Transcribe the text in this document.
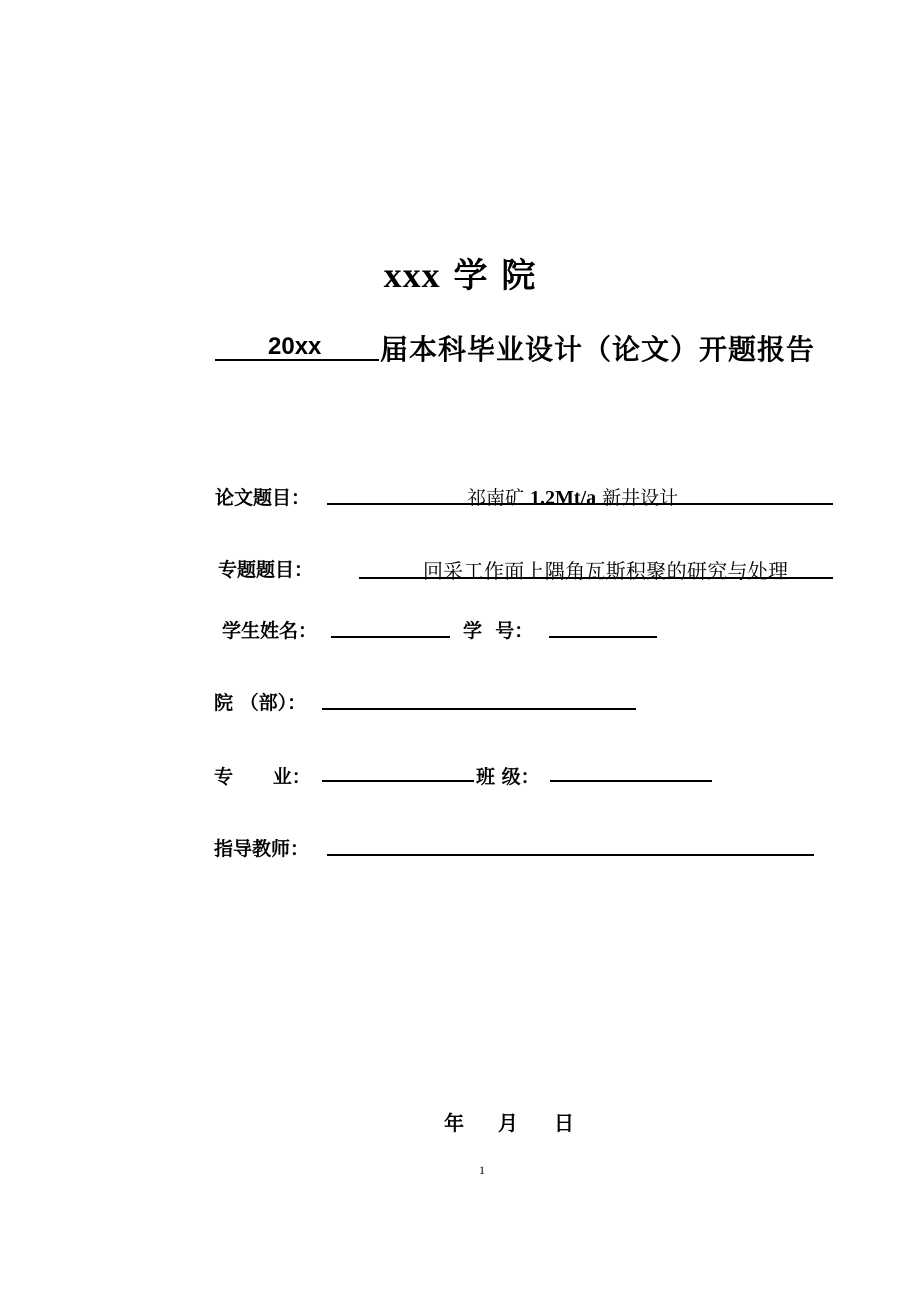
xxx 学 院
20xx 届本科毕业设计（论文）开题报告
论文题目：	祁南矿 1.2Mt/a 新井设计
专题题目：	回采工作面上隅角瓦斯积聚的研究与处理
学生姓名：	学  号：
院 （部）：
专      业：	班 级：
指导教师：
年 月 日
1
